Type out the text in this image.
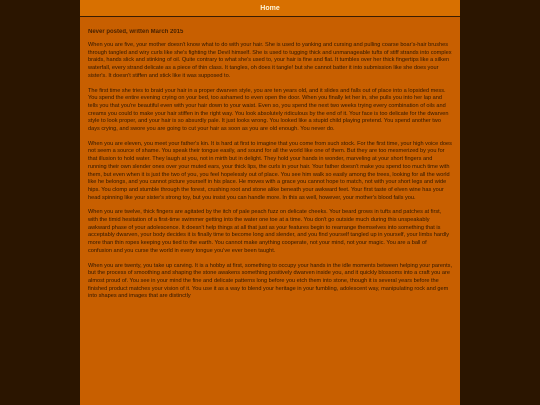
Home
Never posted, written March 2015

When you are five, your mother doesn't know what to do with your hair. She is used to yanking and cursing and pulling coarse boar's-hair brushes through tangled and wiry curls like she's fighting the Devil himself. She is used to tugging thick and unmanageable tufts of stiff strands into complex braids, hands slick and stinking of oil. Quite contrary to what she's used to, your hair is fine and flat. It tumbles over her thick fingertips like a silken waterfall, every strand delicate as a piece of thin class. It tangles, oh does it tangle! but she cannot batter it into submission like she does your sister's. It doesn't stiffen and stick like it was supposed to.

The first time she tries to braid your hair in a proper dwarven style, you are ten years old, and it slides and falls out of place into a lopsided mess. You spend the entire evening crying on your bed, too ashamed to even open the door. When you finally let her in, she pulls you into her lap and tells you that you're beautiful even with your hair down to your waist. Even so, you spend the next two weeks trying every combination of oils and creams you could to make your hair stiffen in the right way. You look absolutely ridiculous by the end of it. Your face is too delicate for the dwarven style to look proper, and your hair is so absurdly pale. It just looks wrong. You looked like a stupid child playing pretend. You spend another two days crying, and swore you are going to cut your hair as soon as you are old enough. You never do.

When you are eleven, you meet your father's kin. It is hard at first to imagine that you come from such stock. For the first time, your high voice does not seem a source of shame. You speak their tongue easily, and sound for all the world like one of them. But they are too mesmerized by you for that illusion to hold water. They laugh at you, not in mirth but in delight. They hold your hands in wonder, marveling at your short fingers and running their own slender ones over your muted ears, your thick lips, the curls in your hair. Your father doesn't make you spend too much time with them, but even when it is just the two of you, you feel hopelessly out of place. You see him walk so easily among the trees, looking for all the world like he belongs, and you cannot picture yourself in his place. He moves with a grace you cannot hope to match, not with your short legs and wide hips. You clomp and stumble through the forest, crushing root and stone alike beneath your awkward feet. Your first taste of elven wine has your head spinning like your sister's strong toy, but you insist you can handle more. In this as well, however, your mother's blood fails you.

When you are twelve, thick fingers are agitated by the itch of pale peach fuzz on delicate cheeks. Your beard grows in tufts and patches at first, with the timid hesitation of a first-time swimmer getting into the water one toe at a time. You don't go outside much during this unspeakably awkward phase of your adolescence. It doesn't help things at all that just as your features begin to rearrange themselves into something that is acceptably dwarven, your body decides it is finally time to become long and slender, and you find yourself tangled up in yourself, your limbs hardly more than thin ropes keeping you tied to the earth. You cannot make anything cooperate, not your mind, not your magic. You are a ball of confusion and you curse the world in every tongue you've ever been taught.

When you are twenty, you take up carving. It is a hobby at first, something to occupy your hands in the idle moments between helping your parents, but the process of smoothing and shaping the stone awakens something positively dwarven inside you, and it quickly blossoms into a craft you are almost proud of. You see in your mind the fine and delicate patterns long before you etch them into stone, though it is several years before the finished product matches your vision of it. You use it as a way to blend your heritage in your fumbling, adolescent way, manipulating rock and gem into shapes and images that are distinctly
